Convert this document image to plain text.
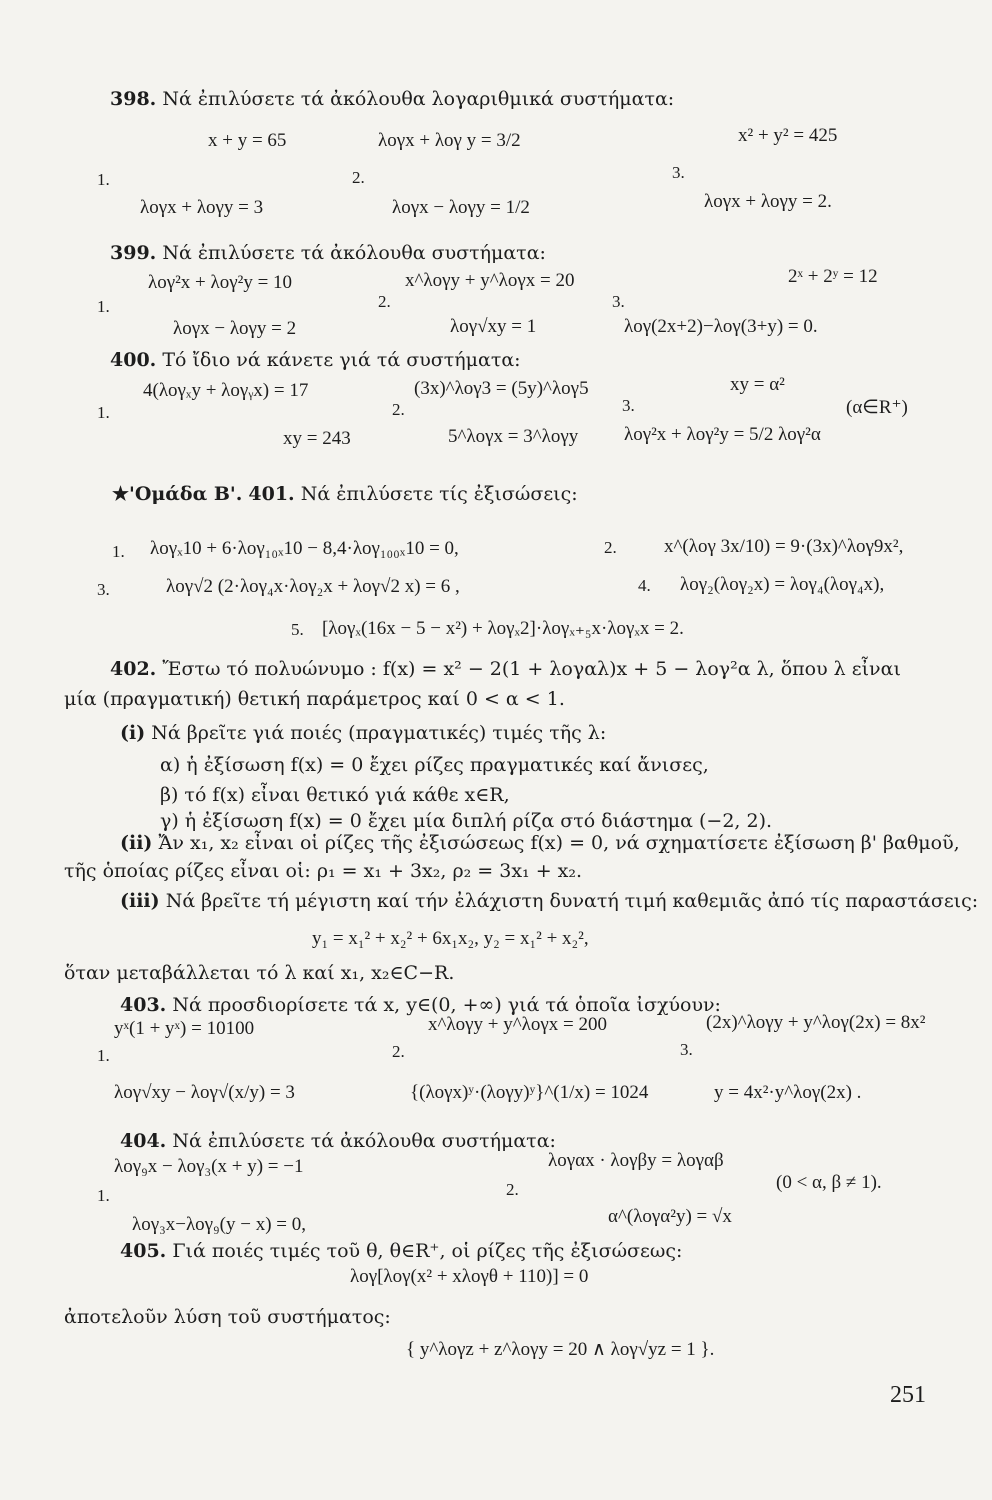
398. Νά ἐπιλύσετε τά ἀκόλουθα λογαριθμικά συστήματα:
x + y = 65
1.
λογx + λογy = 3
λογx + λογ y = 3/2
2.
λογx − λογy = 1/2
x² + y² = 425
3.
λογx + λογy = 2.
399. Νά ἐπιλύσετε τά ἀκόλουθα συστήματα:
λογ²x + λογ²y = 10
1.
λογx − λογy = 2
x^λογy + y^λογx = 20
2.
λογ√xy = 1
2ˣ + 2ʸ = 12
3.
λογ(2x+2)−λογ(3+y) = 0.
400. Τό ἴδιο νά κάνετε γιά τά συστήματα:
4(λογₓy + λογᵧx) = 17
1.
xy = 243
(3x)^λογ3 = (5y)^λογ5
2.
5^λογx = 3^λογy
xy = α²
(α∈R⁺)
3.
λογ²x + λογ²y = 5/2 λογ²α
★'Ομάδα Β'. 401. Νά ἐπιλύσετε τίς ἐξισώσεις:
1. λογₓ10 + 6·λογ₁₀ₓ10 − 8,4·λογ₁₀₀ₓ10 = 0,	2. x^(λογ 3x/10) = 9·(3x)^λογ9x²,
3.	λογ√2 (2·λογ₄x·λογ₂x + λογ√2 x) = 6 ,	4. λογ₂(λογ₂x) = λογ₄(λογ₄x),
5. [λογₓ(16x − 5 − x²) + λογₓ2]·λογₓ₊₅x·λογₓx = 2.
402. Ἔστω τό πολυώνυμο : f(x) = x² − 2(1 + λογαλ)x + 5 − λογ²α λ, ὅπου λ εἶναι
μία (πραγματική) θετική παράμετρος καί 0 < α < 1.
(i) Νά βρεῖτε γιά ποιές (πραγματικές) τιμές τῆς λ:
α) ἡ ἐξίσωση f(x) = 0 ἔχει ρίζες πραγματικές καί ἄνισες,
β) τό f(x) εἶναι θετικό γιά κάθε x∈R,
γ) ἡ ἐξίσωση f(x) = 0 ἔχει μία διπλή ρίζα στό διάστημα (−2, 2).
(ii) Ἄν x₁, x₂ εἶναι οἱ ρίζες τῆς ἐξισώσεως f(x) = 0, νά σχηματίσετε ἐξίσωση β' βαθμοῦ,
τῆς ὁποίας ρίζες εἶναι οἱ: ρ₁ = x₁ + 3x₂, ρ₂ = 3x₁ + x₂.
(iii) Νά βρεῖτε τή μέγιστη καί τήν ἐλάχιστη δυνατή τιμή καθεμιᾶς ἀπό τίς παραστάσεις:
y₁ = x₁² + x₂² + 6x₁x₂, y₂ = x₁² + x₂²,
ὅταν μεταβάλλεται τό λ καί x₁, x₂∈C−R.
403. Νά προσδιορίσετε τά x, y∈(0, +∞) γιά τά ὁποῖα ἰσχύουν:
yˣ(1 + yˣ) = 10100
1.
λογ√xy − λογ√(x/y) = 3
x^λογy + y^λογx = 200
2.
{(λογx)ʸ·(λογy)ʸ}^(1/x) = 1024
(2x)^λογy + y^λογ(2x) = 8x²
3.
y = 4x²·y^λογ(2x) .
404. Νά ἐπιλύσετε τά ἀκόλουθα συστήματα:
λογ₉x − λογ₃(x + y) = −1
1.
λογ₃x−λογ₉(y − x) = 0,
λογαx · λογβy = λογαβ
2.
α^(λογα²y) = √x
(0 < α, β ≠ 1).
405. Γιά ποιές τιμές τοῦ θ, θ∈R⁺, οἱ ρίζες τῆς ἐξισώσεως:
λογ[λογ(x² + xλογθ + 110)] = 0
ἀποτελοῦν λύση τοῦ συστήματος:
{ y^λογz + z^λογy = 20 ∧ λογ√yz = 1 }.
251
